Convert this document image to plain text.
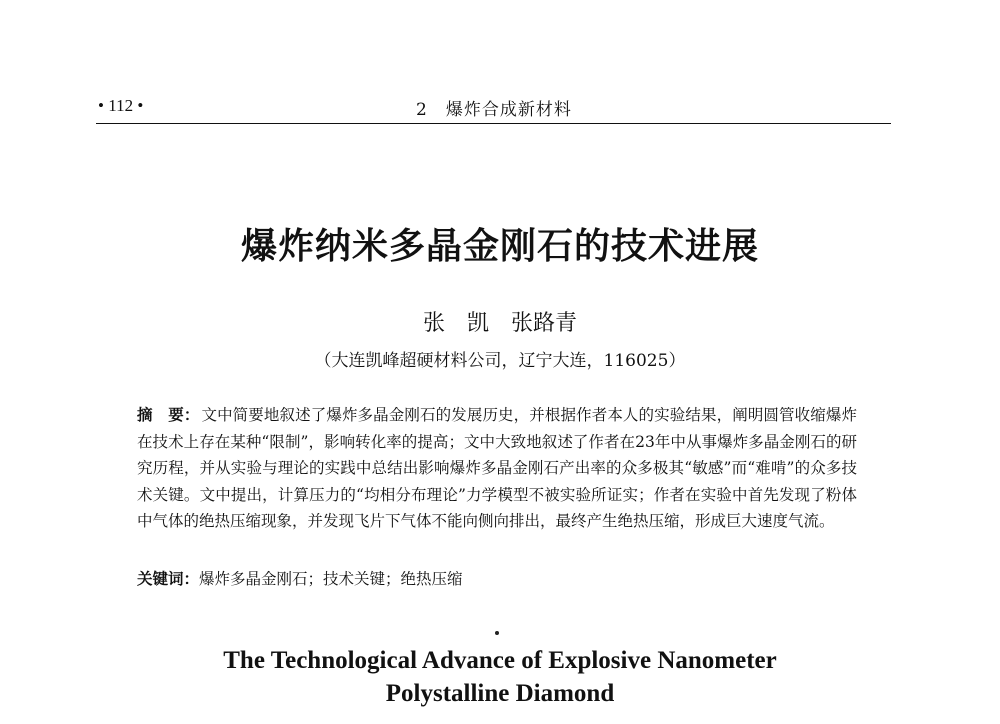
• 112 •	2　爆炸合成新材料
爆炸纳米多晶金刚石的技术进展
张　凯　张路青
（大连凯峰超硬材料公司，辽宁大连，116025）
摘　要： 文中简要地叙述了爆炸多晶金刚石的发展历史，并根据作者本人的实验结果，阐明圆管收缩爆炸在技术上存在某种“限制”，影响转化率的提高；文中大致地叙述了作者在23年中从事爆炸多晶金刚石的研究历程，并从实验与理论的实践中总结出影响爆炸多晶金刚石产出率的众多极其“敏感”而“难啃”的众多技术关键。文中提出，计算压力的“均相分布理论”力学模型不被实验所证实；作者在实验中首先发现了粉体中气体的绝热压缩现象，并发现飞片下气体不能向侧向排出，最终产生绝热压缩，形成巨大速度气流。
关键词：爆炸多晶金刚石；技术关键；绝热压缩
The Technological Advance of Explosive Nanometer
Polystalline Diamond
